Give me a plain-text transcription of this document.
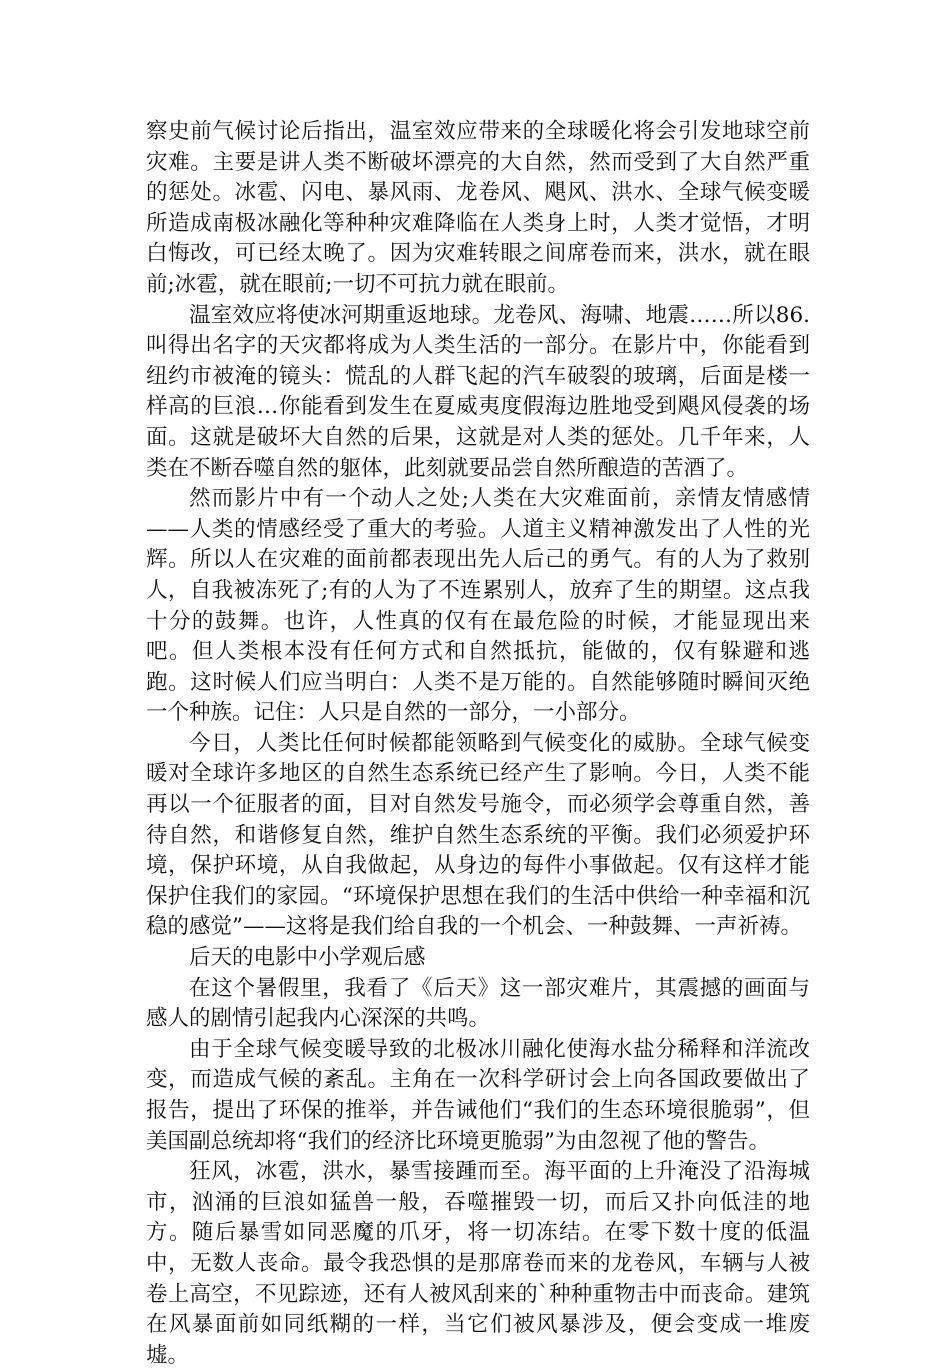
察史前气候讨论后指出，温室效应带来的全球暖化将会引发地球空前灾难。主要是讲人类不断破坏漂亮的大自然，然而受到了大自然严重的惩处。冰雹、闪电、暴风雨、龙卷风、飓风、洪水、全球气候变暖所造成南极冰融化等种种灾难降临在人类身上时，人类才觉悟，才明白悔改，可已经太晚了。因为灾难转眼之间席卷而来，洪水，就在眼前;冰雹，就在眼前;一切不可抗力就在眼前。

温室效应将使冰河期重返地球。龙卷风、海啸、地震……所以86.叫得出名字的天灾都将成为人类生活的一部分。在影片中，你能看到纽约市被淹的镜头：慌乱的人群飞起的汽车破裂的玻璃，后面是楼一样高的巨浪…你能看到发生在夏威夷度假海边胜地受到飓风侵袭的场面。这就是破坏大自然的后果，这就是对人类的惩处。几千年来，人类在不断吞噬自然的躯体，此刻就要品尝自然所酿造的苦酒了。

然而影片中有一个动人之处;人类在大灾难面前，亲情友情感情——人类的情感经受了重大的考验。人道主义精神激发出了人性的光辉。所以人在灾难的面前都表现出先人后己的勇气。有的人为了救别人，自我被冻死了;有的人为了不连累别人，放弃了生的期望。这点我十分的鼓舞。也许，人性真的仅有在最危险的时候，才能显现出来吧。但人类根本没有任何方式和自然抵抗，能做的，仅有躲避和逃跑。这时候人们应当明白：人类不是万能的。自然能够随时瞬间灭绝一个种族。记住：人只是自然的一部分，一小部分。

今日，人类比任何时候都能领略到气候变化的威胁。全球气候变暖对全球许多地区的自然生态系统已经产生了影响。今日，人类不能再以一个征服者的面，目对自然发号施令，而必须学会尊重自然，善待自然，和谐修复自然，维护自然生态系统的平衡。我们必须爱护环境，保护环境，从自我做起，从身边的每件小事做起。仅有这样才能保护住我们的家园。“环境保护思想在我们的生活中供给一种幸福和沉稳的感觉”——这将是我们给自我的一个机会、一种鼓舞、一声祈祷。

后天的电影中小学观后感

在这个暑假里，我看了《后天》这一部灾难片，其震撼的画面与感人的剧情引起我内心深深的共鸣。

由于全球气候变暖导致的北极冰川融化使海水盐分稀释和洋流改变，而造成气候的紊乱。主角在一次科学研讨会上向各国政要做出了报告，提出了环保的推举，并告诫他们“我们的生态环境很脆弱”，但美国副总统却将“我们的经济比环境更脆弱”为由忽视了他的警告。

狂风，冰雹，洪水，暴雪接踵而至。海平面的上升淹没了沿海城市，汹涌的巨浪如猛兽一般，吞噬摧毁一切，而后又扑向低洼的地方。随后暴雪如同恶魔的爪牙，将一切冻结。在零下数十度的低温中，无数人丧命。最令我恐惧的是那席卷而来的龙卷风，车辆与人被卷上高空，不见踪迹，还有人被风刮来的`种种重物击中而丧命。建筑在风暴面前如同纸糊的一样，当它们被风暴涉及，便会变成一堆废墟。
